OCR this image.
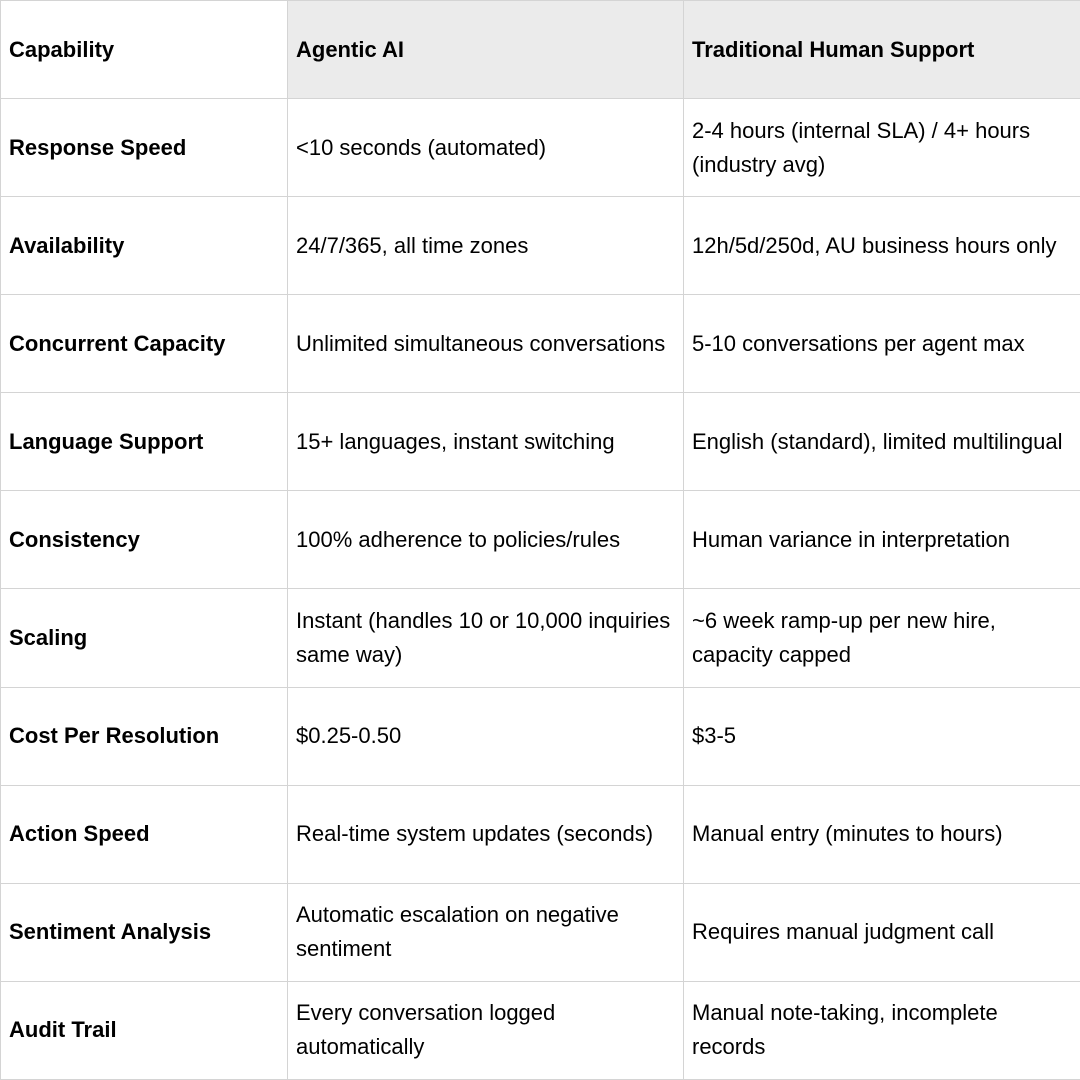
Capability	Agentic AI	Traditional Human Support
Response Speed	<10 seconds (automated)	2-4 hours (internal SLA) / 4+ hours (industry avg)
Availability	24/7/365, all time zones	12h/5d/250d, AU business hours only
Concurrent Capacity	Unlimited simultaneous conversations	5-10 conversations per agent max
Language Support	15+ languages, instant switching	English (standard), limited multilingual
Consistency	100% adherence to policies/rules	Human variance in interpretation
Scaling	Instant (handles 10 or 10,000 inquiries same way)	~6 week ramp-up per new hire, capacity capped
Cost Per Resolution	$0.25-0.50	$3-5
Action Speed	Real-time system updates (seconds)	Manual entry (minutes to hours)
Sentiment Analysis	Automatic escalation on negative sentiment	Requires manual judgment call
Audit Trail	Every conversation logged automatically	Manual note-taking, incomplete records
